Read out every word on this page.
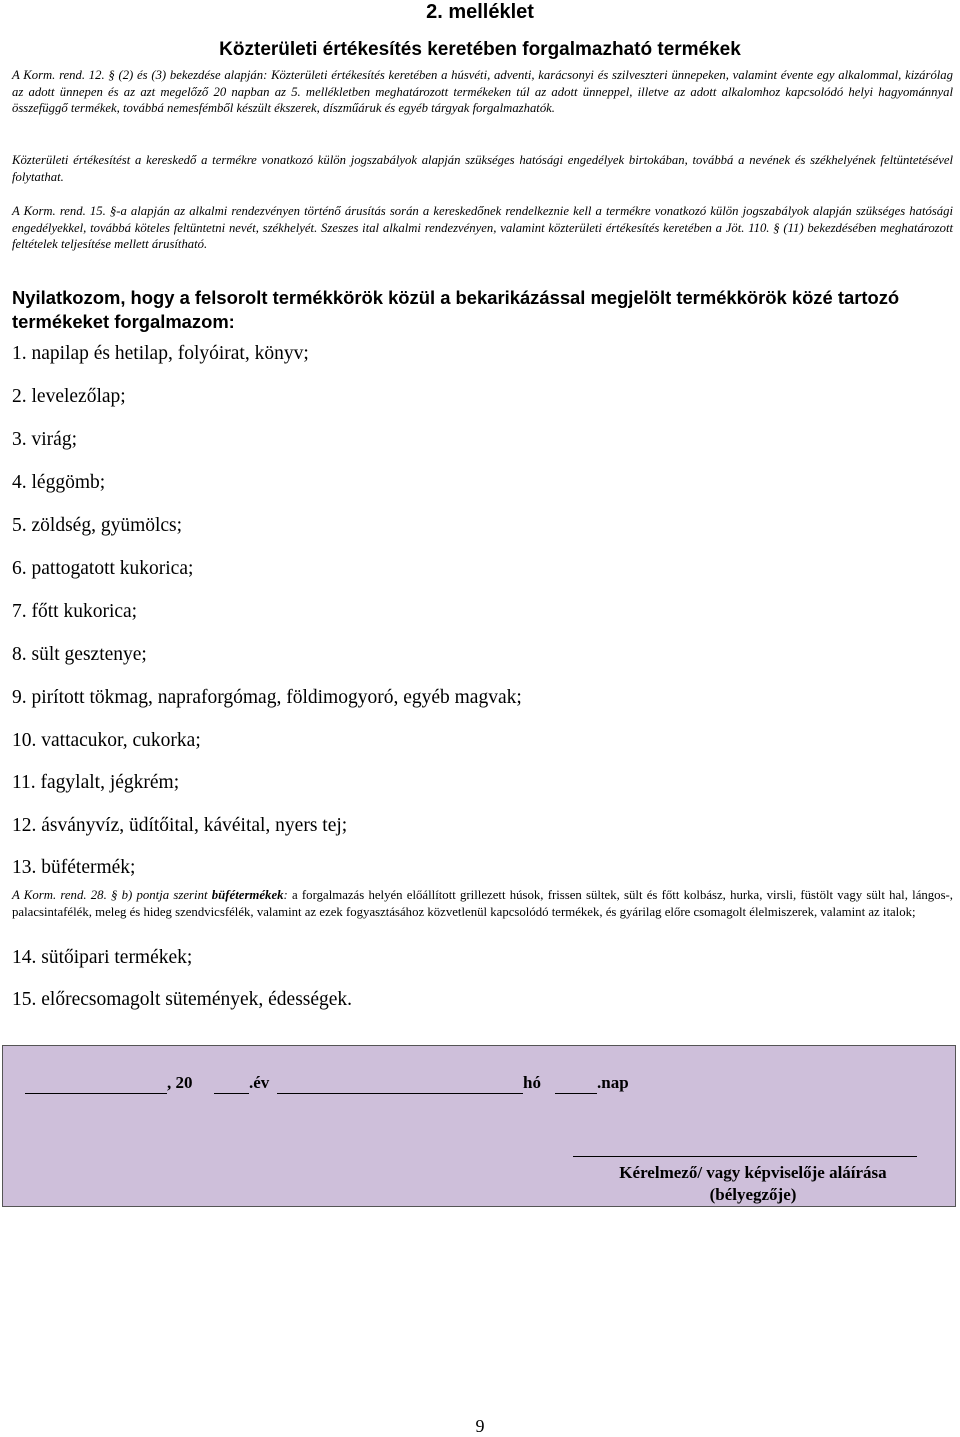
2. melléklet
Közterületi értékesítés keretében forgalmazható termékek

A Korm. rend. 12. § (2) és (3) bekezdése alapján: Közterületi értékesítés keretében a húsvéti, adventi, karácsonyi és szilveszteri ünnepeken, valamint évente egy alkalommal, kizárólag az adott ünnepen és az azt megelőző 20 napban az 5. mellékletben meghatározott termékeken túl az adott ünneppel, illetve az adott alkalomhoz kapcsolódó helyi hagyománnyal összefüggő termékek, továbbá nemesfémből készült ékszerek, díszműáruk és egyéb tárgyak forgalmazhatók.

Közterületi értékesítést a kereskedő a termékre vonatkozó külön jogszabályok alapján szükséges hatósági engedélyek birtokában, továbbá a nevének és székhelyének feltüntetésével folytathat.

A Korm. rend. 15. §-a alapján az alkalmi rendezvényen történő árusítás során a kereskedőnek rendelkeznie kell a termékre vonatkozó külön jogszabályok alapján szükséges hatósági engedélyekkel, továbbá köteles feltüntetni nevét, székhelyét. Szeszes ital alkalmi rendezvényen, valamint közterületi értékesítés keretében a Jöt. 110. § (11) bekezdésében meghatározott feltételek teljesítése mellett árusítható.

Nyilatkozom, hogy a felsorolt termékkörök közül a bekarikázással megjelölt termékkörök közé tartozó termékeket forgalmazom:

1. napilap és hetilap, folyóirat, könyv;

2. levelezőlap;

3. virág;

4. léggömb;

5. zöldség, gyümölcs;

6. pattogatott kukorica;

7. főtt kukorica;

8. sült gesztenye;

9. pirított tökmag, napraforgómag, földimogyoró, egyéb magvak;

10. vattacukor, cukorka;

11. fagylalt, jégkrém;

12. ásványvíz, üdítőital, kávéital, nyers tej;

13. büfétermék;

A Korm. rend. 28. § b) pontja szerint büfétermékek: a forgalmazás helyén előállított grillezett húsok, frissen sültek, sült és főtt kolbász, hurka, virsli, füstölt vagy sült hal, lángos-, palacsintafélék, meleg és hideg szendvicsfélék, valamint az ezek fogyasztásához közvetlenül kapcsolódó termékek, és gyárilag előre csomagolt élelmiszerek, valamint az italok;

14. sütőipari termékek;

15. előrecsomagolt sütemények, édességek.

, 20	.év	hó	.nap
Kérelmező/ vagy képviselője aláírása
(bélyegzője)
9
